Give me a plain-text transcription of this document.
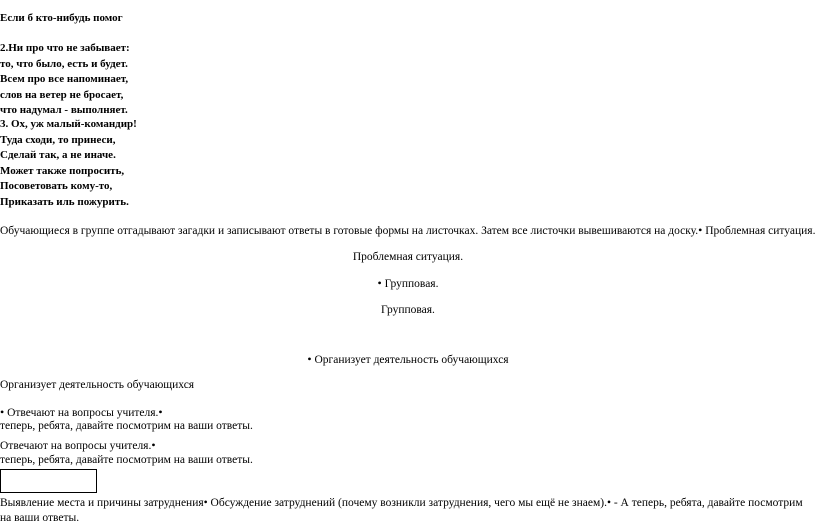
Если б кто-нибудь помог
2.Ни про что не забывает:
то, что было, есть и будет.
Всем про все напоминает,
слов на ветер не бросает,
что надумал - выполняет.
3. Ох, уж малый-командир!
Туда сходи, то принеси,
Сделай так, а не иначе.
Может также попросить,
Посоветовать кому-то,
Приказать иль пожурить.
Обучающиеся в группе отгадывают загадки и записывают ответы в готовые формы на листочках. Затем все листочки вывешиваются на доску.• Проблемная ситуация.
Проблемная ситуация.
• Групповая.
Групповая.
• Организует деятельность обучающихся
Организует деятельность обучающихся
• Отвечают на вопросы учителя.•
теперь, ребята, давайте посмотрим на ваши ответы.
Отвечают на вопросы учителя.•
теперь, ребята, давайте посмотрим на ваши ответы.
Выявление места и причины затруднения• Обсуждение затруднений (почему возникли затруднения, чего мы ещё не знаем).• - А теперь, ребята, давайте посмотрим на ваши ответы.
